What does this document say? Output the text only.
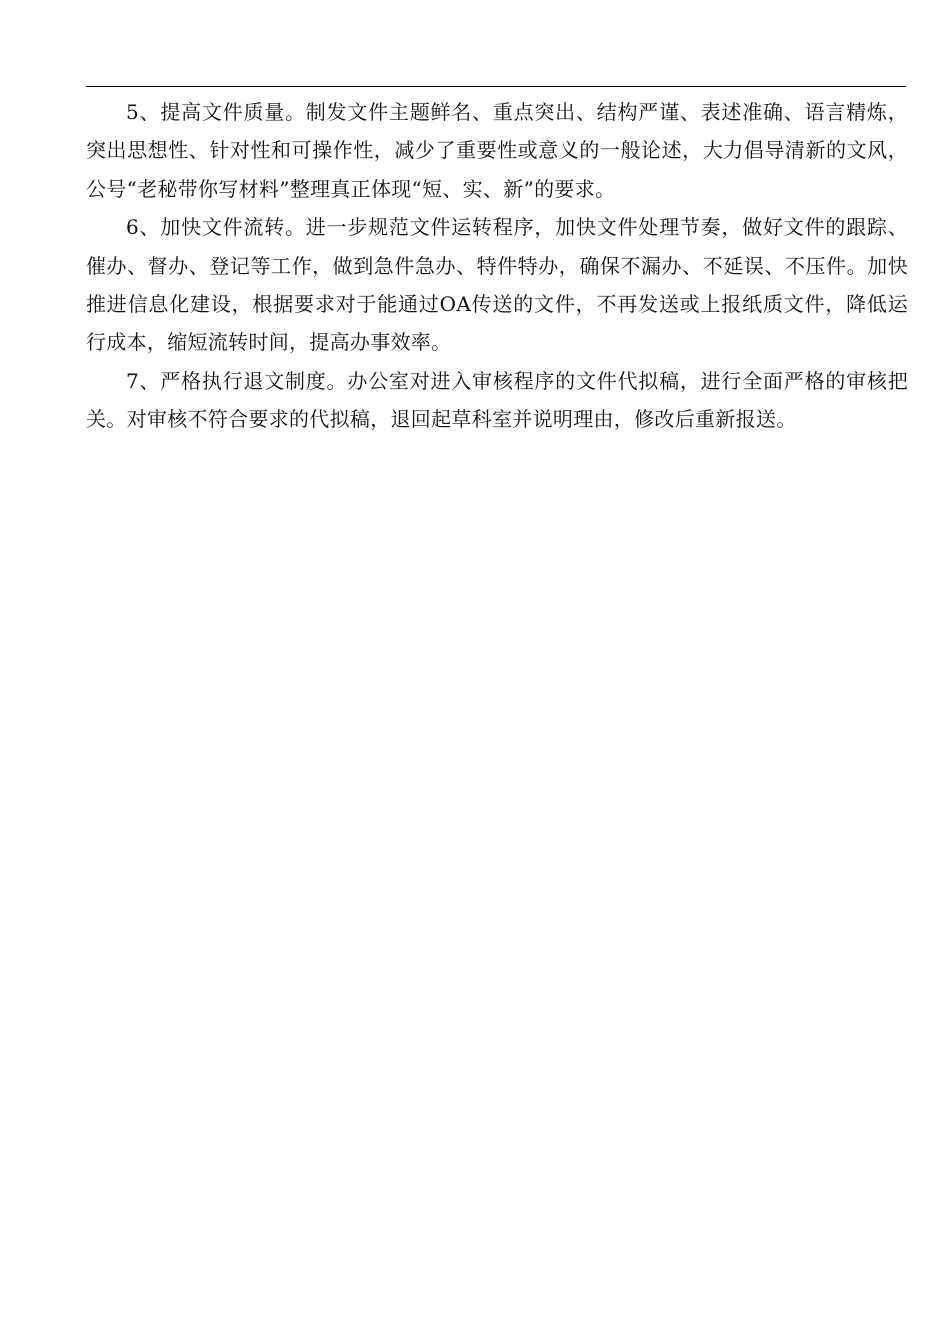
5、提高文件质量。制发文件主题鲜名、重点突出、结构严谨、表述准确、语言精炼，突出思想性、针对性和可操作性，减少了重要性或意义的一般论述，大力倡导清新的文风，公号“老秘带你写材料”整理真正体现“短、实、新”的要求。

6、加快文件流转。进一步规范文件运转程序，加快文件处理节奏，做好文件的跟踪、催办、督办、登记等工作，做到急件急办、特件特办，确保不漏办、不延误、不压件。加快推进信息化建设，根据要求对于能通过OA传送的文件，不再发送或上报纸质文件，降低运行成本，缩短流转时间，提高办事效率。

7、严格执行退文制度。办公室对进入审核程序的文件代拟稿，进行全面严格的审核把关。对审核不符合要求的代拟稿，退回起草科室并说明理由，修改后重新报送。
